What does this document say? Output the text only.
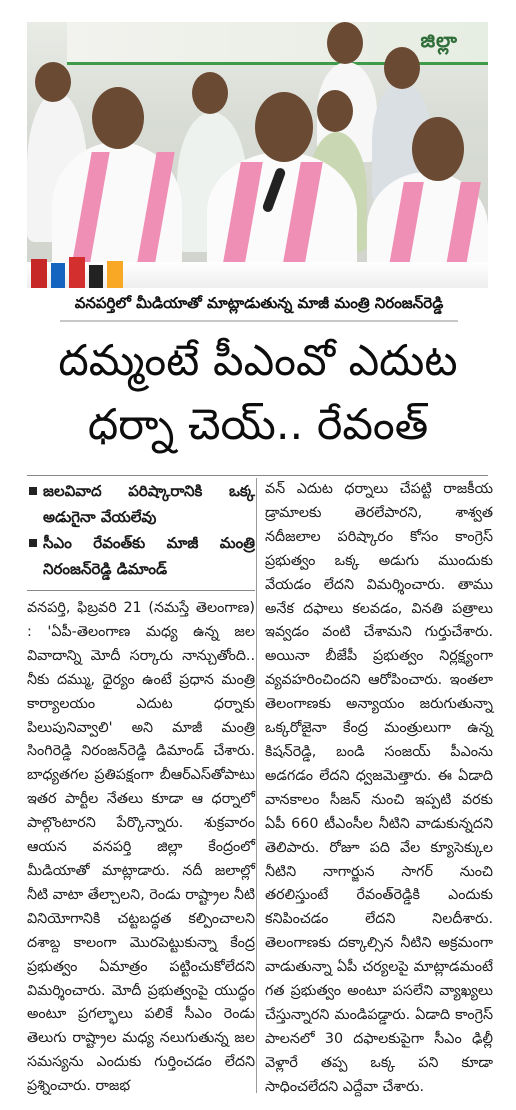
జిల్లా
వనపర్తిలో మీడియాతో మాట్లాడుతున్న మాజీ మంత్రి నిరంజన్‌రెడ్డి
దమ్మంటే పీఎంవో ఎదుట
ధర్నా చెయ్.. రేవంత్
జలవివాద పరిష్కారానికి ఒక్క అడుగైనా వేయలేవు
సీఎం రేవంత్‌కు మాజీ మంత్రి నిరంజన్‌రెడ్డి డిమాండ్

వనపర్తి, ఫిబ్రవరి 21 (నమస్తే తెలంగాణ) : 'ఏపీ-తెలంగాణ మధ్య ఉన్న జల వివాదాన్ని మోదీ సర్కారు నాన్చుతోంది.. నీకు దమ్ము, ధైర్యం ఉంటే ప్రధాన మంత్రి కార్యాలయం ఎదుట ధర్నాకు పిలుపునివ్వాలి' అని మాజీ మంత్రి సింగిరెడ్డి నిరంజన్‌రెడ్డి డిమాండ్ చేశారు. బాధ్యతగల ప్రతిపక్షంగా బీఆర్‌ఎస్‌తోపాటు ఇతర పార్టీల నేతలు కూడా ఆ ధర్నాలో పాల్గొంటారని పేర్కొన్నారు. శుక్రవారం ఆయన వనపర్తి జిల్లా కేంద్రంలో మీడియాతో మాట్లాడారు. నదీ జలాల్లో నీటి వాటా తేల్చాలని, రెండు రాష్ట్రాల నీటి వినియోగానికి చట్టబద్ధత కల్పించాలని దశాబ్ద కాలంగా మొరపెట్టుకున్నా కేంద్ర ప్రభుత్వం ఏమాత్రం పట్టించుకోలేదని విమర్శించారు. మోదీ ప్రభుత్వంపై యుద్ధం అంటూ ప్రగల్భాలు పలికే సీఎం రెండు తెలుగు రాష్ట్రాల మధ్య నలుగుతున్న జల సమస్యను ఎందుకు గుర్తించడం లేదని ప్రశ్నించారు. రాజభ

వన్ ఎదుట ధర్నాలు చేపట్టి రాజకీయ డ్రామాలకు తెరలేపారని, శాశ్వత నదీజలాల పరిష్కారం కోసం కాంగ్రెస్ ప్రభుత్వం ఒక్క అడుగు ముందుకు వేయడం లేదని విమర్శించారు. తాము అనేక దఫాలు కలవడం, వినతి పత్రాలు ఇవ్వడం వంటి చేశామని గుర్తుచేశారు. అయినా బీజేపీ ప్రభుత్వం నిర్లక్ష్యంగా వ్యవహరించిందని ఆరోపించారు. ఇంతలా తెలంగాణకు అన్యాయం జరుగుతున్నా ఒక్కరోజైనా కేంద్ర మంత్రులుగా ఉన్న కిషన్‌రెడ్డి, బండి సంజయ్ పీఎంను అడగడం లేదని ధ్వజమెత్తారు. ఈ ఏడాది వానకాలం సీజన్ నుంచి ఇప్పటి వరకు ఏపీ 660 టీఎంసీల నీటిని వాడుకున్నదని తెలిపారు. రోజూ పది వేల క్యూసెక్కుల నీటిని నాగార్జున సాగర్ నుంచి తరలిస్తుంటే రేవంత్‌రెడ్డికి ఎందుకు కనిపించడం లేదని నిలదీశారు. తెలంగాణకు దక్కాల్సిన నీటిని అక్రమంగా వాడుతున్నా ఏపీ చర్యలపై మాట్లాడమంటే గత ప్రభుత్వం అంటూ పసలేని వ్యాఖ్యలు చేస్తున్నారని మండిపడ్డారు. ఏడాది కాంగ్రెస్ పాలనలో 30 దఫాలకుపైగా సీఎం ఢిల్లీ వెళ్లారే తప్ప ఒక్క పని కూడా సాధించలేదని ఎద్దేవా చేశారు.
